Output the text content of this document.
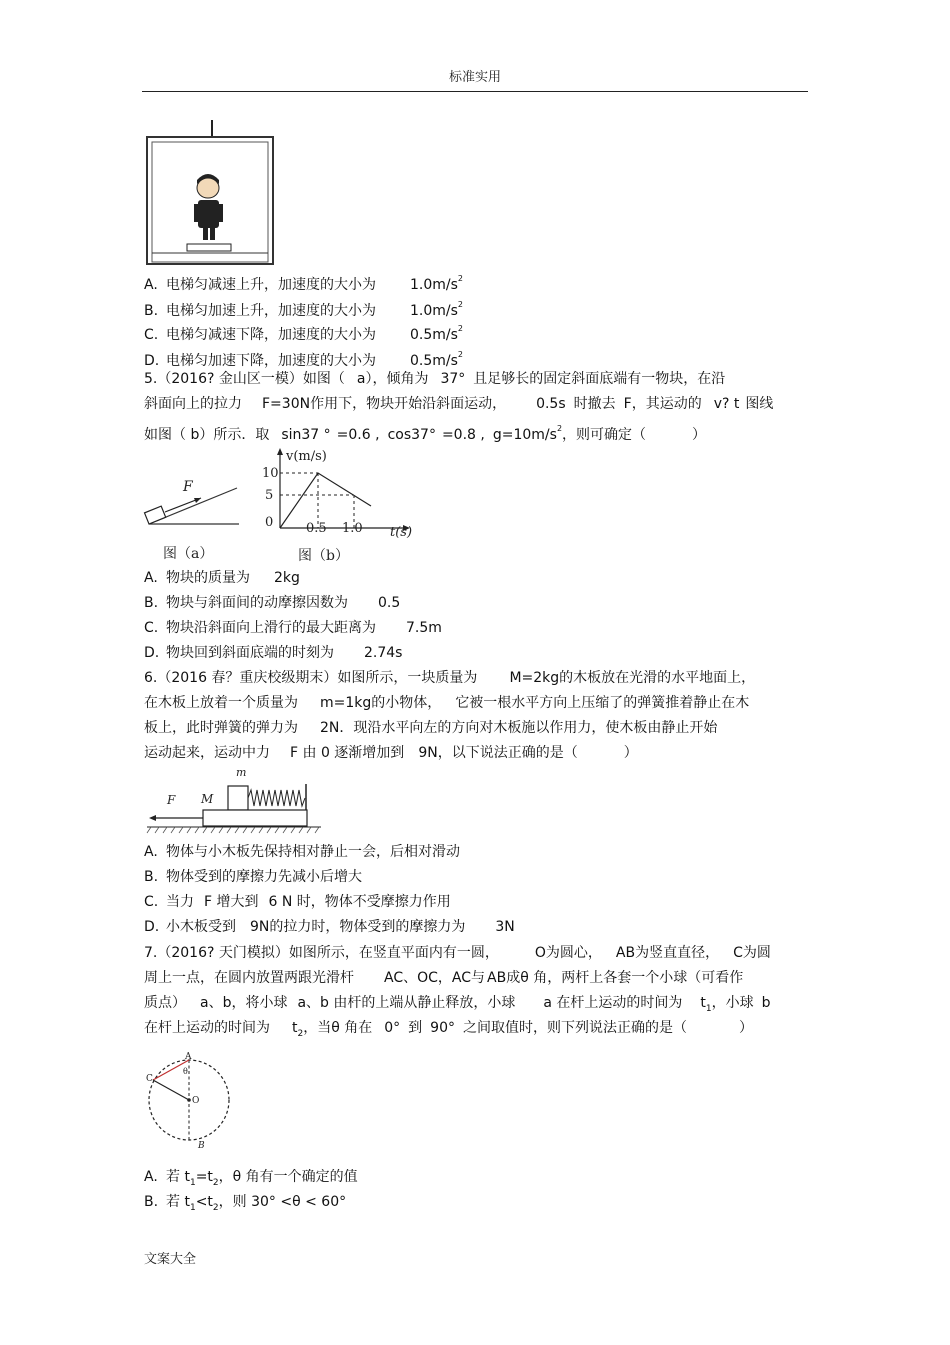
标准实用
文案大全
A. 电梯匀减速上升，加速度的大小为 $1.0m/s^2$
B. 电梯匀加速上升，加速度的大小为 $1.0m/s^2$
C. 电梯匀减速下降，加速度的大小为 $0.5m/s^2$
D. 电梯匀加速下降，加速度的大小为 $0.5m/s^2$
5.（2016? 金山区一模）如图（ a），倾角为 37° 且足够长的固定斜面底端有一物块，在沿
斜面向上的拉力 F=30N作用下，物块开始沿斜面运动， 0.5s 时撤去 F，其运动的 v? t 图线
如图（ b）所示．取 sin37 ° =0.6 , cos37° =0.8 , $g=10m/s^2$，则可确定（	）
F
图（a）
v(m/s)
t(s)
10
5
0	0.5 1.0
图（b）
A. 物块的质量为 2kg
B. 物块与斜面间的动摩擦因数为 0.5
C. 物块沿斜面向上滑行的最大距离为 7.5m
D. 物块回到斜面底端的时刻为 2.74s
6.（2016 春？重庆校级期末）如图所示，一块质量为 M=2kg的木板放在光滑的水平地面上，
在木板上放着一个质量为 m=1kg的小物体， 它被一根水平方向上压缩了的弹簧推着静止在木
板上，此时弹簧的弹力为 2N．现沿水平向左的方向对木板施以作用力，使木板由静止开始
运动起来，运动中力 F 由 0 逐渐增加到 9N，以下说法正确的是（	）
m
M
F
A. 物体与小木板先保持相对静止一会，后相对滑动
B. 物体受到的摩擦力先减小后增大
C. 当力 F 增大到 6 N 时，物体不受摩擦力作用
D. 小木板受到 9N的拉力时，物体受到的摩擦力为 3N
7.（2016? 天门模拟）如图所示，在竖直平面内有一圆，	O为圆心， AB为竖直直径， C为圆
周上一点，在圆内放置两跟光滑杆 AC、OC，AC与 AB成θ 角，两杆上各套一个小球（可看作
质点） a、b，将小球 a、b 由杆的上端从静止释放，小球 a 在杆上运动的时间为 $t_1$，小球 b
在杆上运动的时间为 $t_2$，当θ 角在 0° 到 90° 之间取值时，则下列说法正确的是（	）
A
B
C
O
θ
A. 若 $t_1=t_2$，θ 角有一个确定的值
B. 若 $t_1<t_2$，则 30° <θ < 60°
